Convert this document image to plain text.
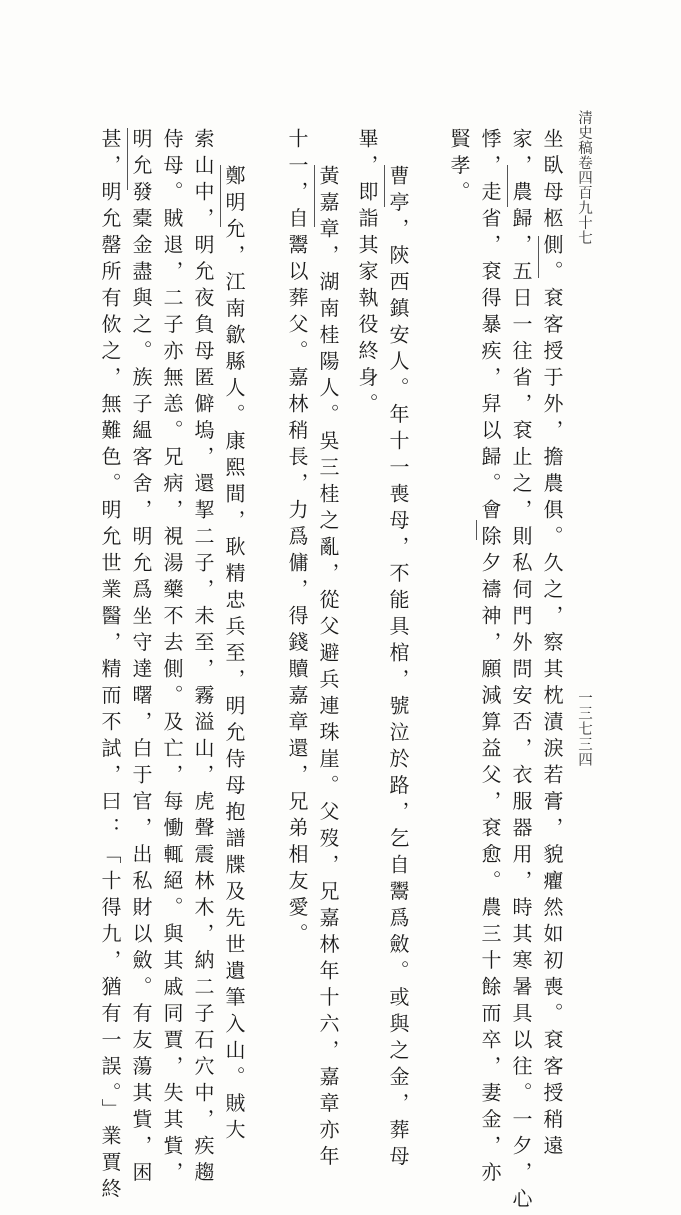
清史稿卷四百九十七
一三七三四
坐臥母柩側。袞客授于外，擔農俱。久之，察其枕漬淚若膏，貌癯然如初喪。袞客授稍遠
家，農歸，五日一往省，袞止之，則私伺門外問安否，衣服器用，時其寒暑具以往。一夕，心
悸，走省，袞得暴疾，舁以歸。會除夕禱神，願減算益父，袞愈。農三十餘而卒，妻金，亦
賢孝。
曹亭，陝西鎮安人。年十一喪母，不能具棺，號泣於路，乞自鬻爲斂。或與之金，葬母
畢，即詣其家執役終身。
黃嘉章，湖南桂陽人。吳三桂之亂，從父避兵連珠崖。父歿，兄嘉林年十六，嘉章亦年
十一，自鬻以葬父。嘉林稍長，力爲傭，得錢贖嘉章還，兄弟相友愛。
鄭明允，江南歙縣人。康熙間，耿精忠兵至，明允侍母抱譜牒及先世遺筆入山。賊大
索山中，明允夜負母匿僻塢，還挈二子，未至，霧溢山，虎聲震林木，納二子石穴中，疾趨
侍母。賊退，二子亦無恙。兄病，視湯藥不去側。及亡，每慟輒絕。與其戚同賈，失其貲，
明允發橐金盡與之。族子緼客舍，明允爲坐守達曙，白于官，出私財以斂。有友蕩其貲，困
甚，明允罄所有佽之，無難色。明允世業醫，精而不試，曰：「十得九，猶有一誤。」業賈終
